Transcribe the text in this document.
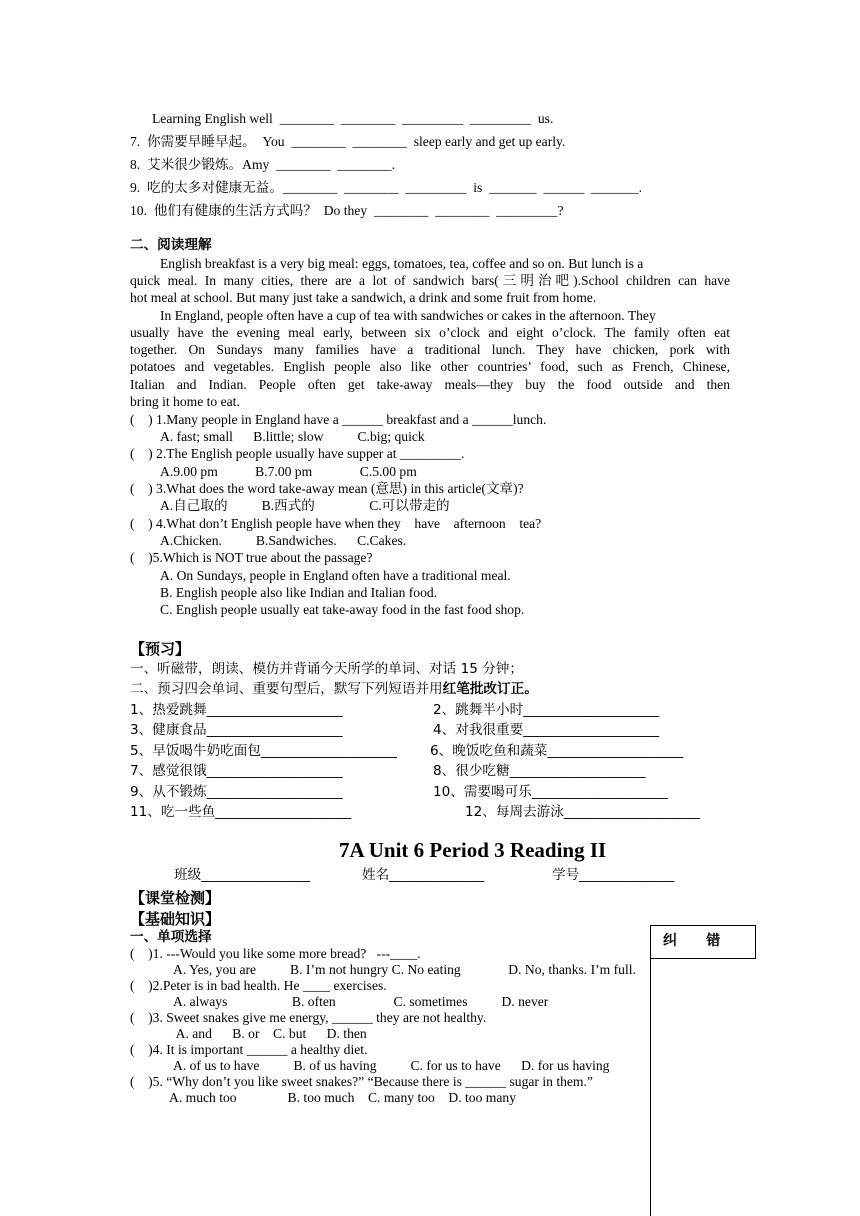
Learning English well  ________  ________  _________  _________  us.
7.  你需要早睡早起。  You  ________  ________  sleep early and get up early.
8.  艾米很少锻炼。Amy  ________  ________.
9.  吃的太多对健康无益。________  ________  _________  is  _______  ______  _______.
10.  他们有健康的生活方式吗？  Do they  ________  ________  _________?
二、阅读理解
English breakfast is a very big meal: eggs, tomatoes, tea, coffee and so on. But lunch is a
quick meal. In many cities, there are a lot of sandwich bars(三明治吧).School children can have
hot meal at school. But many just take a sandwich, a drink and some fruit from home.
In England, people often have a cup of tea with sandwiches or cakes in the afternoon. They
usually have the evening meal early, between six o’clock and eight o’clock. The family often eat
together. On Sundays many families have a traditional lunch. They have chicken, pork with
potatoes and vegetables. English people also like other countries’ food, such as French, Chinese,
Italian and Indian. People often get take-away meals—they buy the food outside and then
bring it home to eat.
(    ) 1.Many people in England have a ______ breakfast and a ______lunch.
A. fast; small      B.little; slow          C.big; quick
(    ) 2.The English people usually have supper at _________.
A.9.00 pm           B.7.00 pm              C.5.00 pm
(    ) 3.What does the word take-away mean (意思) in this article(文章)?
A.自己取的          B.西式的                C.可以带走的
(    ) 4.What don’t English people have when they    have    afternoon    tea?
A.Chicken.          B.Sandwiches.      C.Cakes.
(    )5.Which is NOT true about the passage?
A. On Sundays, people in England often have a traditional meal.
B. English people also like Indian and Italian food.
C. English people usually eat take-away food in the fast food shop.
【预习】
一、听磁带，朗读、模仿并背诵今天所学的单词、对话 15 分钟；
二、预习四会单词、重要句型后，默写下列短语并用红笔批改订正。
1、热爱跳舞____________________	2、跳舞半小时____________________
3、健康食品____________________	4、对我很重要____________________
5、早饭喝牛奶吃面包____________________ 6、晚饭吃鱼和蔬菜____________________
7、感觉很饿____________________	8、很少吃糖____________________
9、从不锻炼____________________	10、需要喝可乐____________________
11、吃一些鱼____________________	12、每周去游泳____________________
7A Unit 6 Period 3 Reading II
班级________________	姓名______________	学号______________
【课堂检测】
【基础知识】
一、单项选择	纠      错
(    )1. ---Would you like some more bread?   ---____.
A. Yes, you are          B. I’m not hungry C. No eating              D. No, thanks. I’m full.
(    )2.Peter is in bad health. He ____ exercises.
A. always                   B. often                 C. sometimes          D. never
(    )3. Sweet snakes give me energy, ______ they are not healthy.
A. and      B. or    C. but      D. then
(    )4. It is important ______ a healthy diet.
A. of us to have          B. of us having          C. for us to have      D. for us having
(    )5. “Why don’t you like sweet snakes?” “Because there is ______ sugar in them.”
A. much too               B. too much    C. many too    D. too many
